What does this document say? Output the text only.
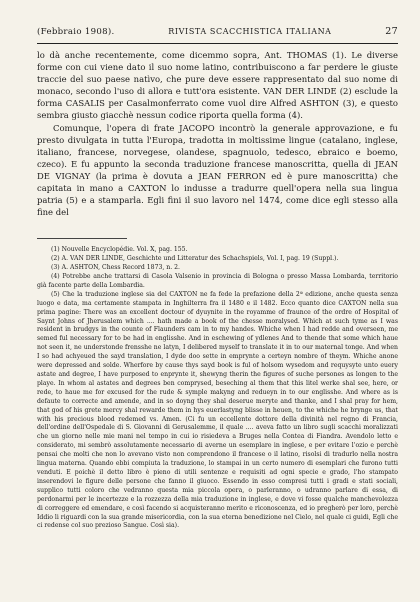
(Febbraio 1908).	RIVISTA SCACCHISTICA ITALIANA	27

lo dà anche recentemente, come dicemmo sopra, Ant. THOMAS (1). Le diverse forme con cui viene dato il suo nome latino, contribuiscono a far perdere le giuste traccie del suo paese natìvo, che pure deve essere rappresentato dal suo nome di monaco, secondo l'uso di allora e tutt'ora esistente. VAN DER LINDE (2) esclude la forma CASALIS per Casalmonferrato come vuol dire Alfred ASHTON (3), e questo sembra giusto giacchè nessun codice riporta quella forma (4).

Comunque, l'opera di frate JACOPO incontrò la generale approvazione, e fu presto divulgata in tutta l'Europa, tradotta in moltissime lingue (catalano, inglese, italiano, francese, norvegese, olandese, spagnuolo, tedesco, ebraico e boemo, czeco). E fu appunto la seconda traduzione francese manoscritta, quella di JEAN DE VIGNAY (la prima è dovuta a JEAN FERRON ed è pure manoscritta) che capitata in mano a CAXTON lo indusse a tradurre quell'opera nella sua lingua patria (5) e a stamparla. Egli fini il suo lavoro nel 1474, come dice egli stesso alla fine del

(1) Nouvelle Encyclopédie. Vol. X, pag. 155.

(2) A. VAN DER LINDE, Geschichte und Litteratur des Schachspiels, Vol. I, pag. 19 (Suppl.).

(3) A. ASHTON, Chess Record 1873, n. 2.

(4) Potrebbe anche trattarsi di Casola Valsenio in provincia di Bologna o presso Massa Lombarda, territorio già facente parte della Lombardia.

(5) Che la traduzione inglese sia del CAXTON ne fa fede la prefazione della 2ª edizione, anche questa senza luogo e data, ma certamente stampata in Inghilterra fra il 1480 e il 1482. Ecco quanto dice CAXTON nella sua prima pagine: There was an excellent doctour of dyuynite in the royamme of fraunce of the ordre of Hospital of Saynt Johns of Jherusalem which .... hath made a book of the chesse moralysed. Which at such tyme as I was resident in brudgys in the counte of Flaunders cam in to my handes. Whiche when I had redde and overseen, me semed ful necessary for to be had in englisshe. And in eschewing of ydlenes And to thende that some which haue not seen it, ne understonde frensshe ne latyn, I delibered myself to translate it in to our maternal tonge. And when I so had achyeued the sayd translation, I dyde doo sette in emprynte a certeyn nombre of theym. Whiche anone were depressed and solde. Wherfore by cause thys sayd book is ful of holsom wysedom and requysyte unto euery astate and degree, I have purposed to enprynte it, shewyng therin the figures of suche persones as longen to the playe. In whom al astates and degrees ben comprysed, beseching al them that this litel werke shal see, here, or rede, to haue me for excused for the rude & symple makyng and redueyn in to our englisshe. And where as is defaute to correcte and amende, and in so doyng they shal deserue meryte and thanke, and I shal pray for hem, that god of his grete mercy shal rewarde them in hys euerlastyng blisse in heuen, to the whiche he brynge us, that with his precious blood redemed vs. Amen. (Ci fu un eccellente dottore della divinità nel regno di Francia, dell'ordine dell'Ospedale di S. Giovanni di Gerusalemme, il quale .... aveva fatto un libro sugli scacchi moralizzati che un giorno nelle mie mani nel tempo in cui io risiedeva a Bruges nella Contea di Fiandra. Avendolo letto e considerato, mi sembrò assolutamente necessario di averne un esemplare in inglese, e per evitare l'ozio e perchè pensai che molti che non lo avevano visto non comprendono il francese o il latino, risolsi di tradurlo nella nostra lingua materna. Quando ebbi compiuta la traduzione, lo stampai in un certo numero di esemplari che furono tutti venduti. E poichè il detto libro è pieno di utili sentenze e requisiti ad ogni specie e grado, l'ho stampato inserendovi le figure delle persone che fanno il giuoco. Essendo in esso compresi tutti i gradi e stati sociali, supplico tutti coloro che vedranno questa mia piccola opera, o parleranno, o udranno parlare di essa, di perdonarmi per le incertezze e la rozzezza della mia traduzione in inglese, e dove vi fosse qualche manchevolezza di correggere ed emendare, e così facendo si acquisteranno merito e riconoscenza, ed io pregherò per loro, perchè Iddio li riguardi con la sua grande misericordia, con la sua eterna benedizione nel Cielo, nel quale ci guidi, Egli che ci redense col suo prezioso Sangue. Così sia).
